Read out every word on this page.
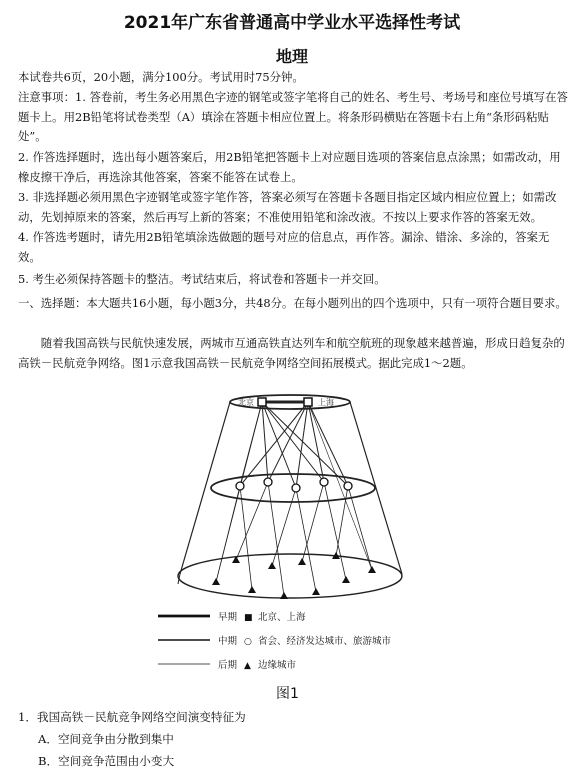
2021年广东省普通高中学业水平选择性考试
地理
本试卷共6页，20小题，满分100分。考试用时75分钟。
注意事项：1. 答卷前，考生务必用黑色字迹的钢笔或签字笔将自己的姓名、考生号、考场号和座位号填写在答题卡上。用2B铅笔将试卷类型（A）填涂在答题卡相应位置上。将条形码横贴在答题卡右上角“条形码粘贴处”。
2. 作答选择题时，选出每小题答案后，用2B铅笔把答题卡上对应题目选项的答案信息点涂黑；如需改动，用橡皮擦干净后，再选涂其他答案，答案不能答在试卷上。
3. 非选择题必须用黑色字迹钢笔或签字笔作答，答案必须写在答题卡各题目指定区域内相应位置上；如需改动，先划掉原来的答案，然后再写上新的答案；不准使用铅笔和涂改液。不按以上要求作答的答案无效。
4. 作答选考题时，请先用2B铅笔填涂选做题的题号对应的信息点，再作答。漏涂、错涂、多涂的，答案无效。
5. 考生必须保持答题卡的整洁。考试结束后，将试卷和答题卡一并交回。
一、选择题：本大题共16小题，每小题3分，共48分。在每小题列出的四个选项中，只有一项符合题目要求。
随着我国高铁与民航快速发展，两城市互通高铁直达列车和航空航班的现象越来越普遍，形成日趋复杂的高铁－民航竞争网络。图1示意我国高铁－民航竞争网络空间拓展模式。据此完成1～2题。
北京	上海
早期 ■ 北京、上海
中期 ○ 省会、经济发达城市、旅游城市
后期 ▲ 边缘城市
图1
1．我国高铁－民航竞争网络空间演变特征为
A．空间竞争由分散到集中
B．空间竞争范围由小变大
